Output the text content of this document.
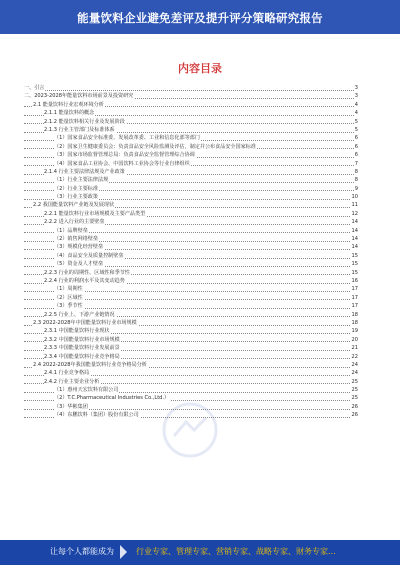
能量饮料企业避免差评及提升评分策略研究报告
内容目录
一、引言	3
二、2023-2028年能量饮料市场前景及投资研究	3
2.1 能量饮料行业宏观环境分析	4
2.1.1 能量饮料的概念	4
2.1.2 能量饮料相关行业及发展阶段	5
2.1.3 行业主管部门及标准体系	5
（1）国家食品安全标准委、发展改革委、工业和信息化部等部门	6
（2）国家卫生健康委员会：负责食品安全风险监测及评估，制定并公布食品安全国家标准	6
（3）国家市场监督管理总局：负责食品安全监督管理综合协调	6
（4）国家食品工业协会、中国饮料工业协会等行业自律组织	7
2.1.4 行业主要法律法规及产业政策	8
（1）行业主要法律法规	8
（2）行业主要标准	9
（3）行业主要政策	10
2.2 我国能量饮料产业链及发展现状	11
2.2.1 能量饮料行业市场规模及主要产品类型	12
2.2.2 进入行业的主要壁垒	14
（1）品牌壁垒	14
（2）销售网络壁垒	14
（3）规模化经营壁垒	14
（4）食品安全及质量控制壁垒	15
（5）资金及人才壁垒	15
2.2.3 行业的周期性、区域性和季节性	15
2.2.4 行业的利润水平及其变动趋势	16
（1）周期性	17
（2）区域性	17
（3）季节性	17
2.2.5 行业上、下游产业链情况	18
2.3 2022-2028年中国能量饮料行业市场规模	18
2.3.1 中国能量饮料行业现状	19
2.3.2 中国能量饮料行业市场规模	20
2.3.3 中国能量饮料行业发展前景	21
2.3.4 中国能量饮料行业竞争格局	22
2.4 2022-2028年我国能量饮料行业竞争格局分析	24
2.4.1 行业竞争格局	24
2.4.2 行业主要企业分析	25
（1）惠州天宏饮料有限公司	25
（2）T.C.Pharmaceutical Industries Co.,Ltd.）	25
（3）华彬集团	26
（4）东鹏饮料（集团）股份有限公司	26
让每个人都能成为	行业专家、管理专家、营销专家、战略专家、财务专家...
